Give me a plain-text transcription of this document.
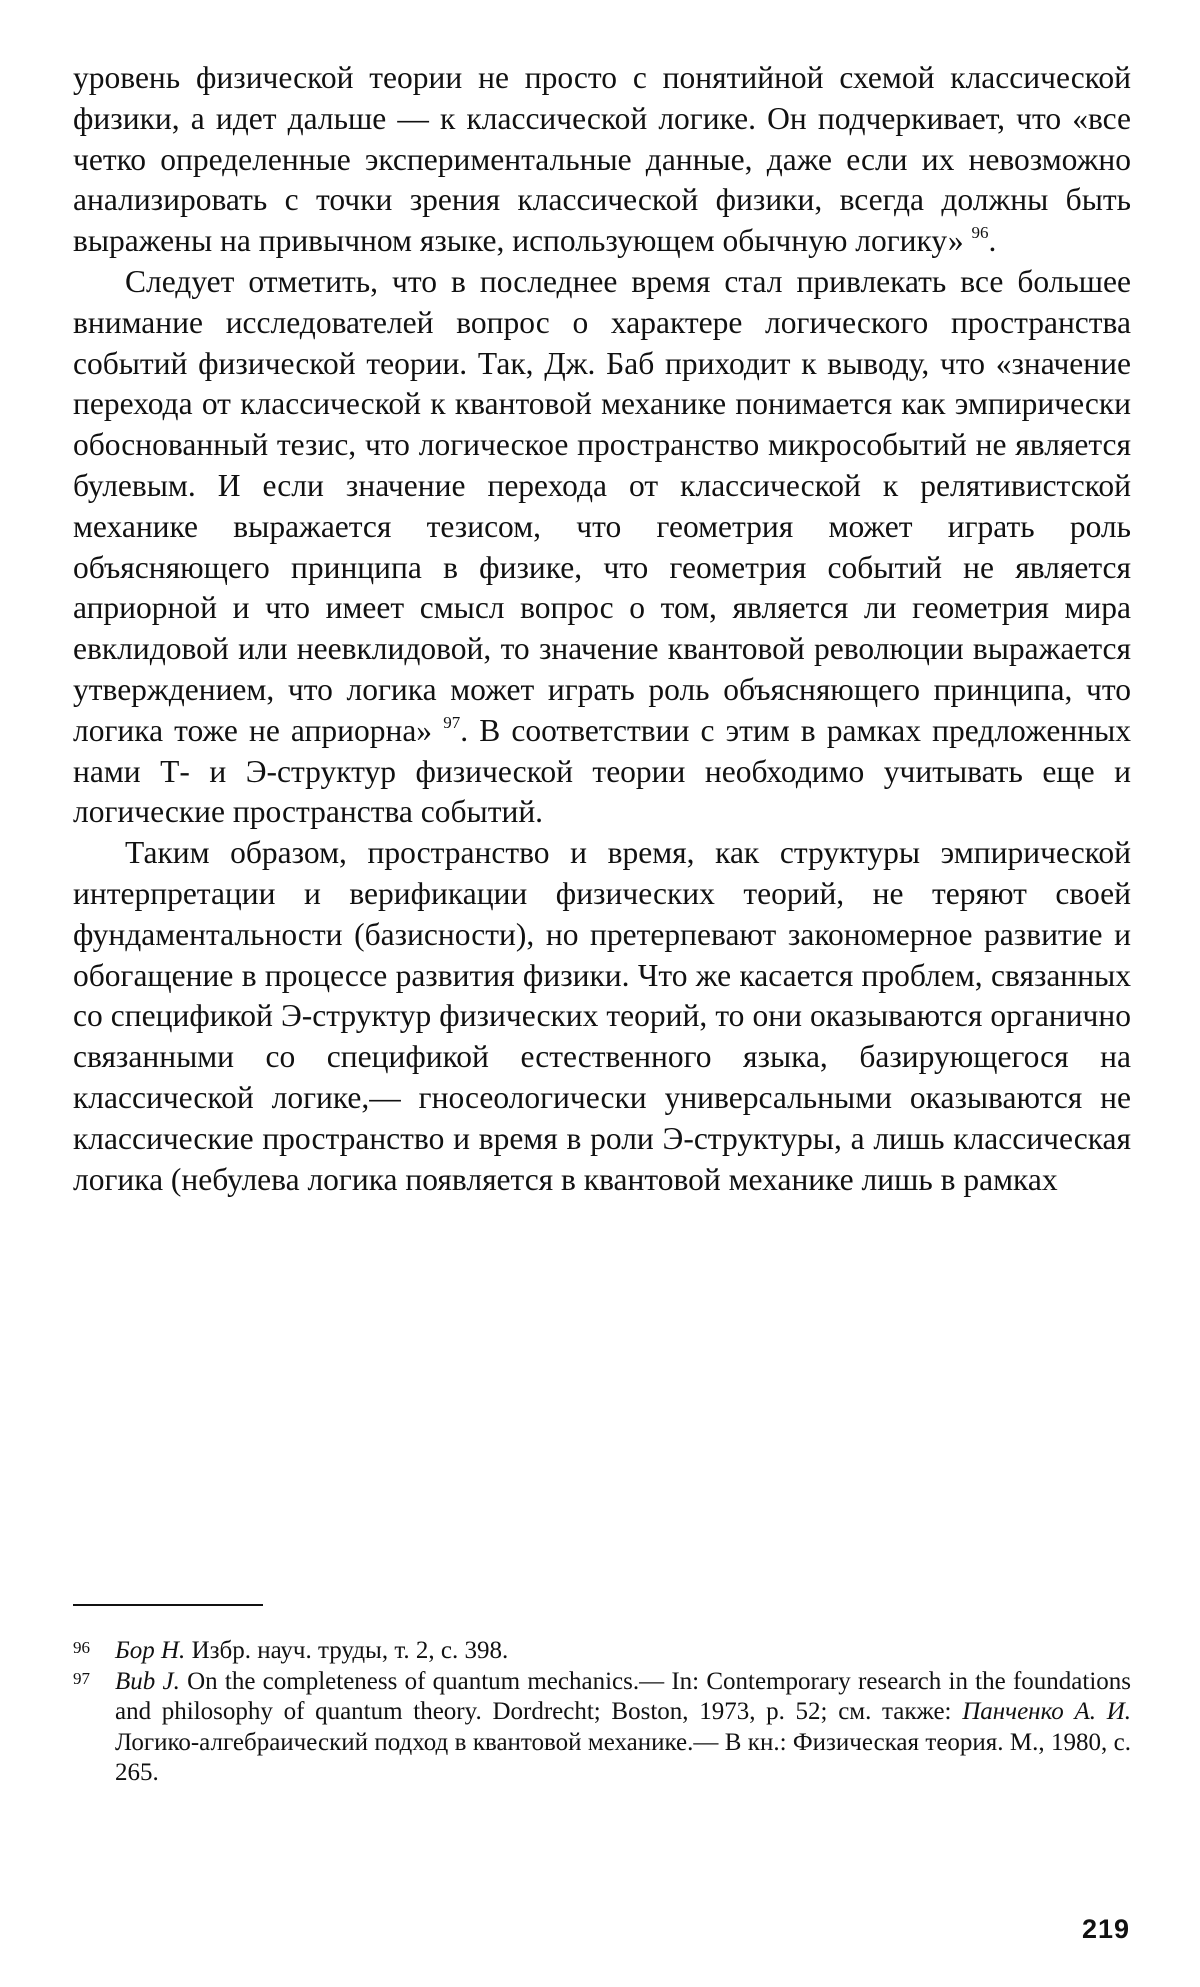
уровень физической теории не просто с понятийной схемой классической физики, а идет дальше — к классической логике. Он подчеркивает, что «все четко определенные экспериментальные данные, даже если их невозможно анализировать с точки зрения классической физики, всегда должны быть выражены на привычном языке, использующем обычную логику» $^{96}$.

Следует отметить, что в последнее время стал привлекать все большее внимание исследователей вопрос о характере логического пространства событий физической теории. Так, Дж. Баб приходит к выводу, что «значение перехода от классической к квантовой механике понимается как эмпирически обоснованный тезис, что логическое пространство микрособытий не является булевым. И если значение перехода от классической к релятивистской механике выражается тезисом, что геометрия может играть роль объясняющего принципа в физике, что геометрия событий не является априорной и что имеет смысл вопрос о том, является ли геометрия мира евклидовой или неевклидовой, то значение квантовой революции выражается утверждением, что логика может играть роль объясняющего принципа, что логика тоже не априорна» $^{97}$. В соответствии с этим в рамках предложенных нами Т- и Э-структур физической теории необходимо учитывать еще и логические пространства событий.

Таким образом, пространство и время, как структуры эмпирической интерпретации и верификации физических теорий, не теряют своей фундаментальности (базисности), но претерпевают закономерное развитие и обогащение в процессе развития физики. Что же касается проблем, связанных со спецификой Э-структур физических теорий, то они оказываются органично связанными со спецификой естественного языка, базирующегося на классической логике,— гносеологически универсальными оказываются не классические пространство и время в роли Э-структуры, а лишь классическая логика (небулева логика появляется в квантовой механике лишь в рамках

96 Бор Н. Избр. науч. труды, т. 2, с. 398.

97 Bub J. On the completeness of quantum mechanics.— In: Contemporary research in the foundations and philosophy of quantum theory. Dordrecht; Boston, 1973, p. 52; см. также: Панченко А. И. Логико-алгебраический подход в квантовой механике.— В кн.: Физическая теория. М., 1980, с. 265.

219
